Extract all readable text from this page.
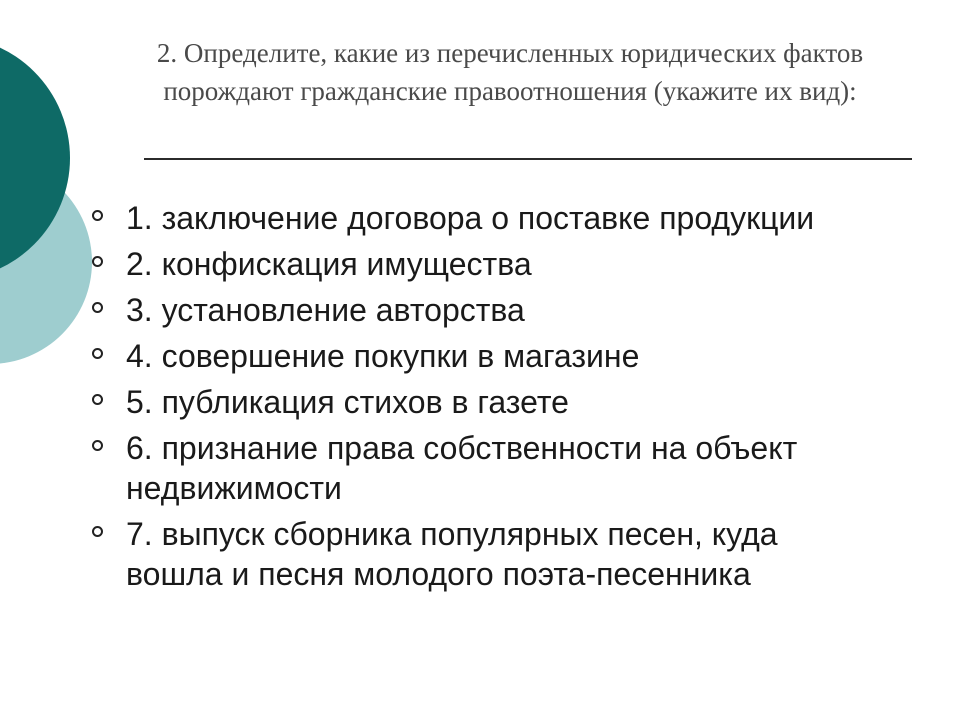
2. Определите, какие из перечисленных юридических фактов порождают гражданские правоотношения (укажите их вид):
1. заключение договора о поставке продукции
2. конфискация имущества
3. установление авторства
4. совершение покупки в магазине
5. публикация стихов в газете
6. признание права собственности на объект недвижимости
7. выпуск сборника популярных песен, куда вошла и песня молодого поэта-песенника
